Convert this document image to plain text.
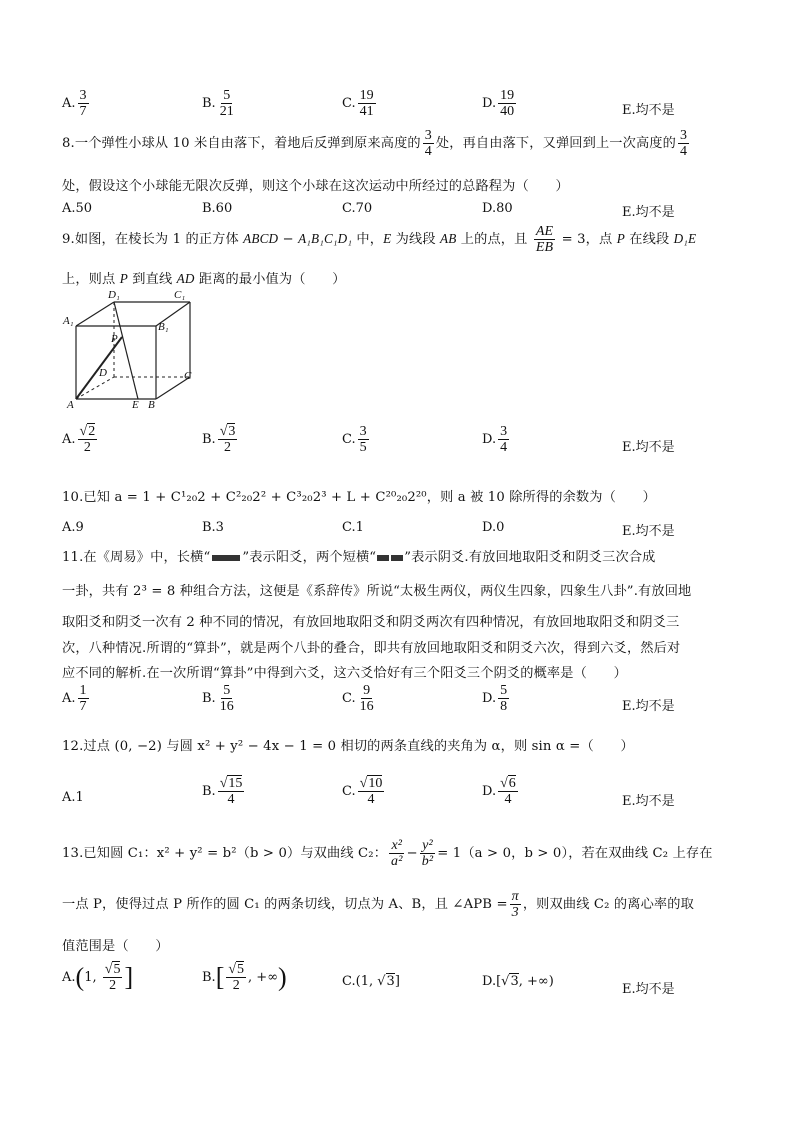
A. $\frac{3}{7}$	B. $\frac{5}{21}$	C. $\frac{19}{41}$	D. $\frac{19}{40}$	E.均不是
8.一个弹性小球从 10 米自由落下，着地后反弹到原来高度的 $\frac{3}{4}$ 处，再自由落下，又弹回到上一次高度的 $\frac{3}{4}$
处，假设这个小球能无限次反弹，则这个小球在这次运动中所经过的总路程为（　　）
A.50	B.60	C.70	D.80	E.均不是
9.如图，在棱长为 1 的正方体 ABCD − A₁B₁C₁D₁ 中，E 为线段 AB 上的点，且 $\frac{AE}{EB} = 3$，点 P 在线段 D₁E
上，则点 P 到直线 AD 距离的最小值为（　　）
D₁	C₁
A₁	B₁
P
D	C
A	E B
A. $\frac{√2}{2}$	B. $\frac{√3}{2}$	C. $\frac{3}{5}$	D. $\frac{3}{4}$	E.均不是
10.已知 a = 1 + C¹₂₀2 + C²₂₀2² + C³₂₀2³ + L + C²⁰₂₀2²⁰，则 a 被 10 除所得的余数为（　　）
A.9	B.3	C.1	D.0	E.均不是
11.在《周易》中，长横“ ”表示阳爻，两个短横“ ”表示阴爻.有放回地取阳爻和阴爻三次合成
一卦，共有 2³ = 8 种组合方法，这便是《系辞传》所说“太极生两仪，两仪生四象，四象生八卦”.有放回地
取阳爻和阴爻一次有 2 种不同的情况，有放回地取阳爻和阴爻两次有四种情况，有放回地取阳爻和阴爻三
次，八种情况.所谓的“算卦”，就是两个八卦的叠合，即共有放回地取阳爻和阴爻六次，得到六爻，然后对
应不同的解析.在一次所谓“算卦”中得到六爻，这六爻恰好有三个阳爻三个阴爻的概率是（　　）
A. $\frac{1}{7}$	B. $\frac{5}{16}$	C. $\frac{9}{16}$	D. $\frac{5}{8}$	E.均不是
12.过点 (0, −2) 与圆 x² + y² − 4x − 1 = 0 相切的两条直线的夹角为 α，则 sin α =（　　）
A.1	B. $\frac{√15}{4}$	C. $\frac{√10}{4}$	D. $\frac{√6}{4}$	E.均不是
13.已知圆 C₁：x² + y² = b²（b > 0）与双曲线 C₂： $\frac{\text{x²}}{\text{a²}} - \frac{\text{y²}}{\text{b²}} = 1(a > 0$，b > 0），若在双曲线 C₂ 上存在
一点 P，使得过点 P 所作的圆 C₁ 的两条切线，切点为 A、B，且 ∠APB = $\frac{\pi}{3}$ ，则双曲线 C₂ 的离心率的取
值范围是（　　）
A.(1, $\frac{√5}{2}$ ]	$B.[ \frac{√5}{2}$ , +∞)	C.(1, √3]	D.[√3, +∞)
E.均不是
